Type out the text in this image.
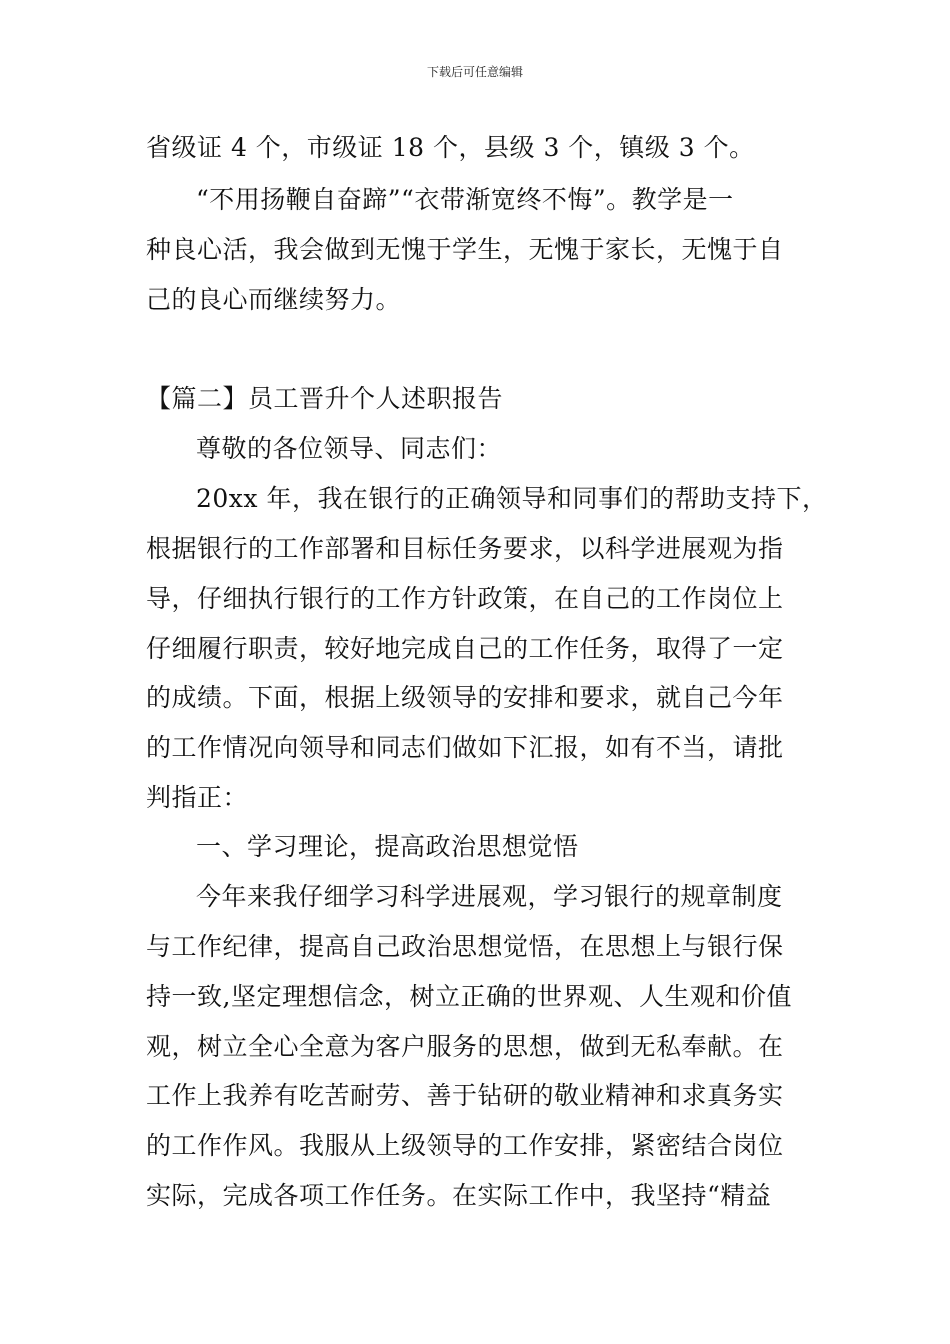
下载后可任意编辑
省级证 4 个，市级证 18 个，县级 3 个，镇级 3 个。
“不用扬鞭自奋蹄”“衣带渐宽终不悔”。教学是一
种良心活，我会做到无愧于学生，无愧于家长，无愧于自
己的良心而继续努力。
【篇二】员工晋升个人述职报告
尊敬的各位领导、同志们：
20xx 年，我在银行的正确领导和同事们的帮助支持下，
根据银行的工作部署和目标任务要求，以科学进展观为指
导，仔细执行银行的工作方针政策，在自己的工作岗位上
仔细履行职责，较好地完成自己的工作任务，取得了一定
的成绩。下面，根据上级领导的安排和要求，就自己今年
的工作情况向领导和同志们做如下汇报，如有不当，请批
判指正：
一、学习理论，提高政治思想觉悟
今年来我仔细学习科学进展观，学习银行的规章制度
与工作纪律，提高自己政治思想觉悟，在思想上与银行保
持一致,坚定理想信念，树立正确的世界观、人生观和价值
观，树立全心全意为客户服务的思想，做到无私奉献。在
工作上我养有吃苦耐劳、善于钻研的敬业精神和求真务实
的工作作风。我服从上级领导的工作安排，紧密结合岗位
实际，完成各项工作任务。在实际工作中，我坚持“精益
